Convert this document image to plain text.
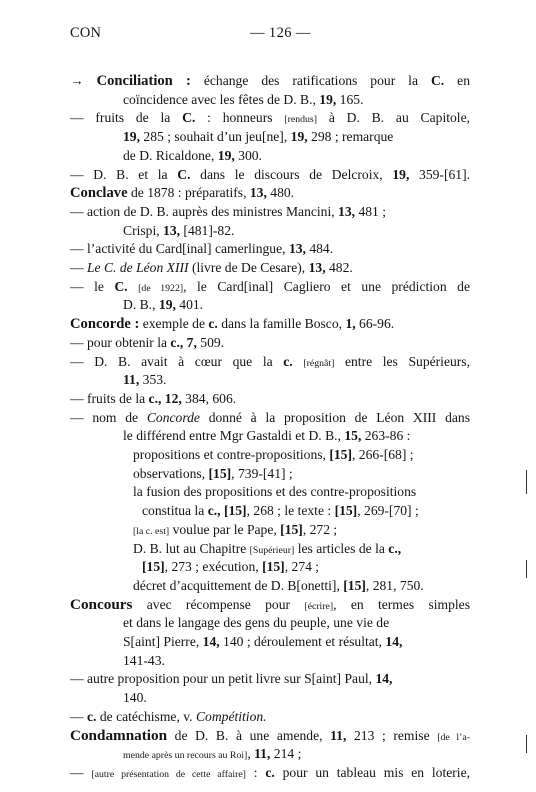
CON	— 126 —
→ Conciliation : échange des ratifications pour la C. en
coïncidence avec les fêtes de D. B., 19, 165.
— fruits de la C. : honneurs [rendus] à D. B. au Capitole,
19, 285 ; souhait d’un jeu[ne], 19, 298 ; remarque
de D. Ricaldone, 19, 300.
— D. B. et la C. dans le discours de Delcroix, 19, 359-[61].
Conclave de 1878 : préparatifs, 13, 480.
— action de D. B. auprès des ministres Mancini, 13, 481 ;
Crispi, 13, [481]-82.
— l’activité du Card[inal] camerlingue, 13, 484.
— Le C. de Léon XIII (livre de De Cesare), 13, 482.
— le C. [de 1922], le Card[inal] Cagliero et une prédiction de
D. B., 19, 401.
Concorde : exemple de c. dans la famille Bosco, 1, 66-96.
— pour obtenir la c., 7, 509.
— D. B. avait à cœur que la c. [régnât] entre les Supérieurs,
11, 353.
— fruits de la c., 12, 384, 606.
— nom de Concorde donné à la proposition de Léon XIII dans
le différend entre Mgr Gastaldi et D. B., 15, 263-86 :
propositions et contre-propositions, [15], 266-[68] ;
observations, [15], 739-[41] ;
la fusion des propositions et des contre-propositions
constitua la c., [15], 268 ; le texte : [15], 269-[70] ;
[la c. est] voulue par le Pape, [15], 272 ;
D. B. lut au Chapitre [Supérieur] les articles de la c.,
[15], 273 ; exécution, [15], 274 ;
décret d’acquittement de D. B[onetti], [15], 281, 750.
Concours avec récompense pour [écrire], en termes simples
et dans le langage des gens du peuple, une vie de
S[aint] Pierre, 14, 140 ; déroulement et résultat, 14,
141-43.
— autre proposition pour un petit livre sur S[aint] Paul, 14,
140.
— c. de catéchisme, v. Compétition.
Condamnation de D. B. à une amende, 11, 213 ; remise [de l’a-
mende après un recours au Roi], 11, 214 ;
— [autre présentation de cette affaire] : c. pour un tableau mis en loterie,
